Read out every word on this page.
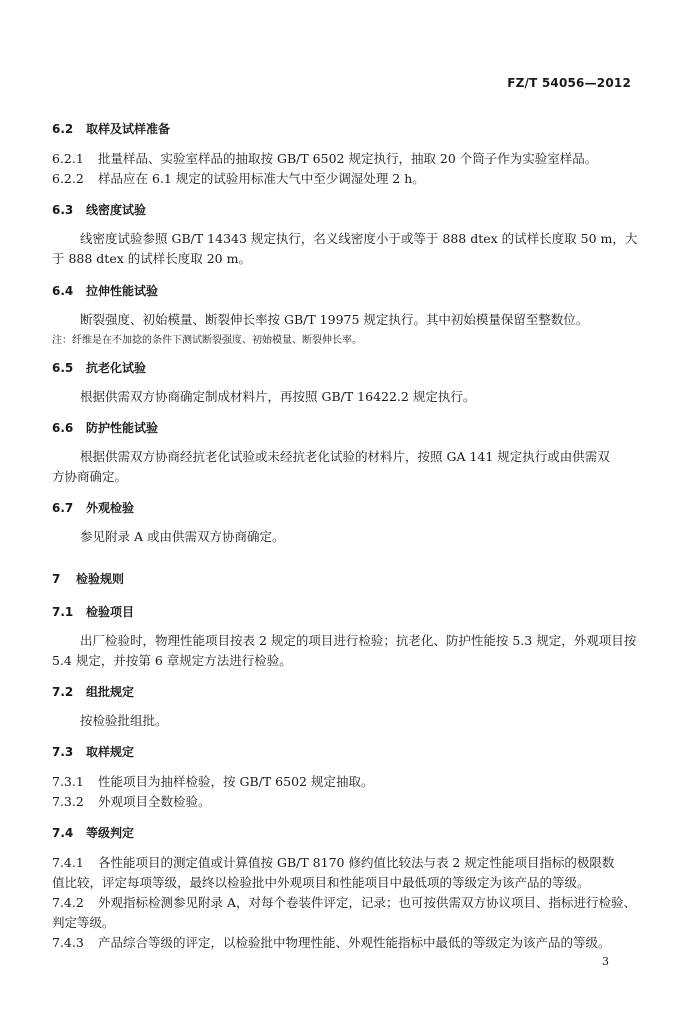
FZ/T 54056—2012
6.2 取样及试样准备
6.2.1 批量样品、实验室样品的抽取按 GB/T 6502 规定执行，抽取 20 个筒子作为实验室样品。
6.2.2 样品应在 6.1 规定的试验用标准大气中至少调湿处理 2 h。
6.3 线密度试验
线密度试验参照 GB/T 14343 规定执行，名义线密度小于或等于 888 dtex 的试样长度取 50 m，大
于 888 dtex 的试样长度取 20 m。
6.4 拉伸性能试验
断裂强度、初始模量、断裂伸长率按 GB/T 19975 规定执行。其中初始模量保留至整数位。
注：纤维是在不加捻的条件下测试断裂强度、初始模量、断裂伸长率。
6.5 抗老化试验
根据供需双方协商确定制成材料片，再按照 GB/T 16422.2 规定执行。
6.6 防护性能试验
根据供需双方协商经抗老化试验或未经抗老化试验的材料片，按照 GA 141 规定执行或由供需双
方协商确定。
6.7 外观检验
参见附录 A 或由供需双方协商确定。
7 检验规则
7.1 检验项目
出厂检验时，物理性能项目按表 2 规定的项目进行检验；抗老化、防护性能按 5.3 规定，外观项目按
5.4 规定，并按第 6 章规定方法进行检验。
7.2 组批规定
按检验批组批。
7.3 取样规定
7.3.1 性能项目为抽样检验，按 GB/T 6502 规定抽取。
7.3.2 外观项目全数检验。
7.4 等级判定
7.4.1 各性能项目的测定值或计算值按 GB/T 8170 修约值比较法与表 2 规定性能项目指标的极限数
值比较，评定每项等级，最终以检验批中外观项目和性能项目中最低项的等级定为该产品的等级。
7.4.2 外观指标检测参见附录 A，对每个卷装件评定，记录；也可按供需双方协议项目、指标进行检验、
判定等级。
7.4.3 产品综合等级的评定，以检验批中物理性能、外观性能指标中最低的等级定为该产品的等级。
3
